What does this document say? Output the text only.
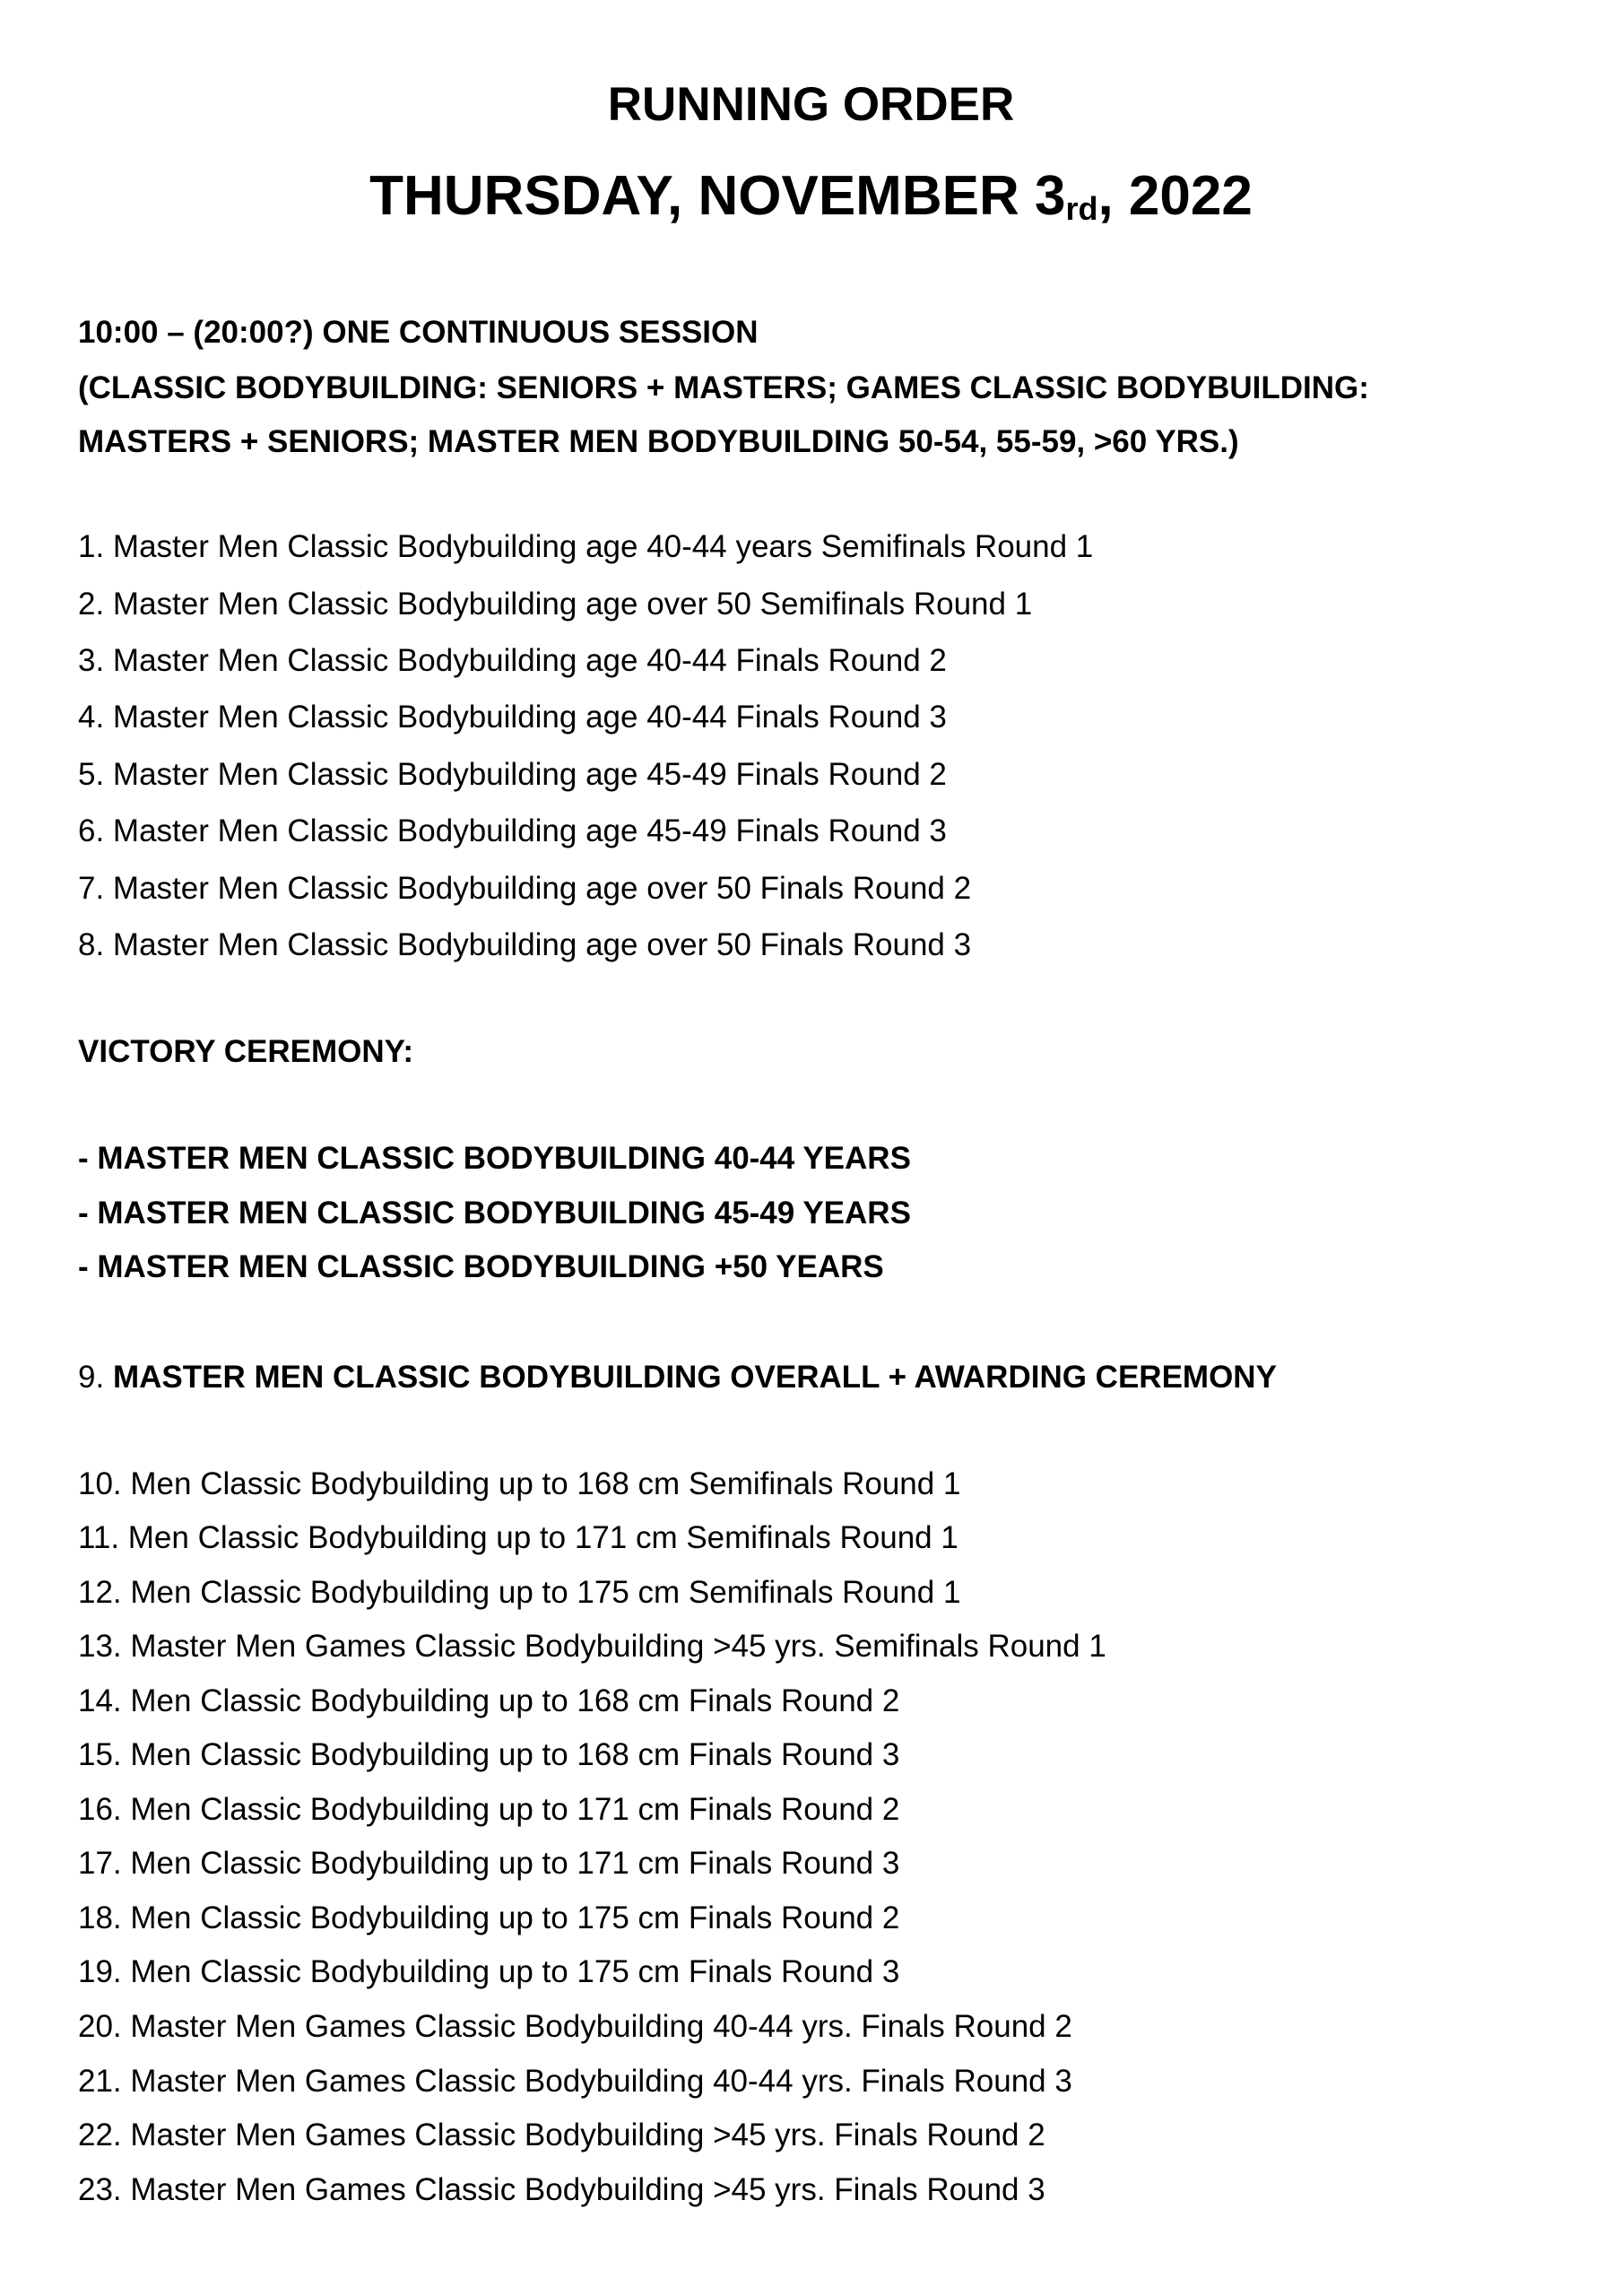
RUNNING ORDER
THURSDAY, NOVEMBER 3rd, 2022

10:00 – (20:00?) ONE CONTINUOUS SESSION

(CLASSIC BODYBUILDING: SENIORS + MASTERS; GAMES CLASSIC BODYBUILDING:

MASTERS + SENIORS; MASTER MEN BODYBUILDING 50-54, 55-59, >60 YRS.)

1. Master Men Classic Bodybuilding age 40-44 years Semifinals Round 1

2. Master Men Classic Bodybuilding age over 50 Semifinals Round 1

3. Master Men Classic Bodybuilding age 40-44 Finals Round 2

4. Master Men Classic Bodybuilding age 40-44 Finals Round 3

5. Master Men Classic Bodybuilding age 45-49 Finals Round 2

6. Master Men Classic Bodybuilding age 45-49 Finals Round 3

7. Master Men Classic Bodybuilding age over 50 Finals Round 2

8. Master Men Classic Bodybuilding age over 50 Finals Round 3

VICTORY CEREMONY:

- MASTER MEN CLASSIC BODYBUILDING 40-44 YEARS

- MASTER MEN CLASSIC BODYBUILDING 45-49 YEARS

- MASTER MEN CLASSIC BODYBUILDING +50 YEARS

9. MASTER MEN CLASSIC BODYBUILDING OVERALL + AWARDING CEREMONY

10. Men Classic Bodybuilding up to 168 cm Semifinals Round 1

11. Men Classic Bodybuilding up to 171 cm Semifinals Round 1

12. Men Classic Bodybuilding up to 175 cm Semifinals Round 1

13. Master Men Games Classic Bodybuilding >45 yrs. Semifinals Round 1

14. Men Classic Bodybuilding up to 168 cm Finals Round 2

15. Men Classic Bodybuilding up to 168 cm Finals Round 3

16. Men Classic Bodybuilding up to 171 cm Finals Round 2

17. Men Classic Bodybuilding up to 171 cm Finals Round 3

18. Men Classic Bodybuilding up to 175 cm Finals Round 2

19. Men Classic Bodybuilding up to 175 cm Finals Round 3

20. Master Men Games Classic Bodybuilding 40-44 yrs. Finals Round 2

21. Master Men Games Classic Bodybuilding 40-44 yrs. Finals Round 3

22. Master Men Games Classic Bodybuilding >45 yrs. Finals Round 2

23. Master Men Games Classic Bodybuilding >45 yrs. Finals Round 3
